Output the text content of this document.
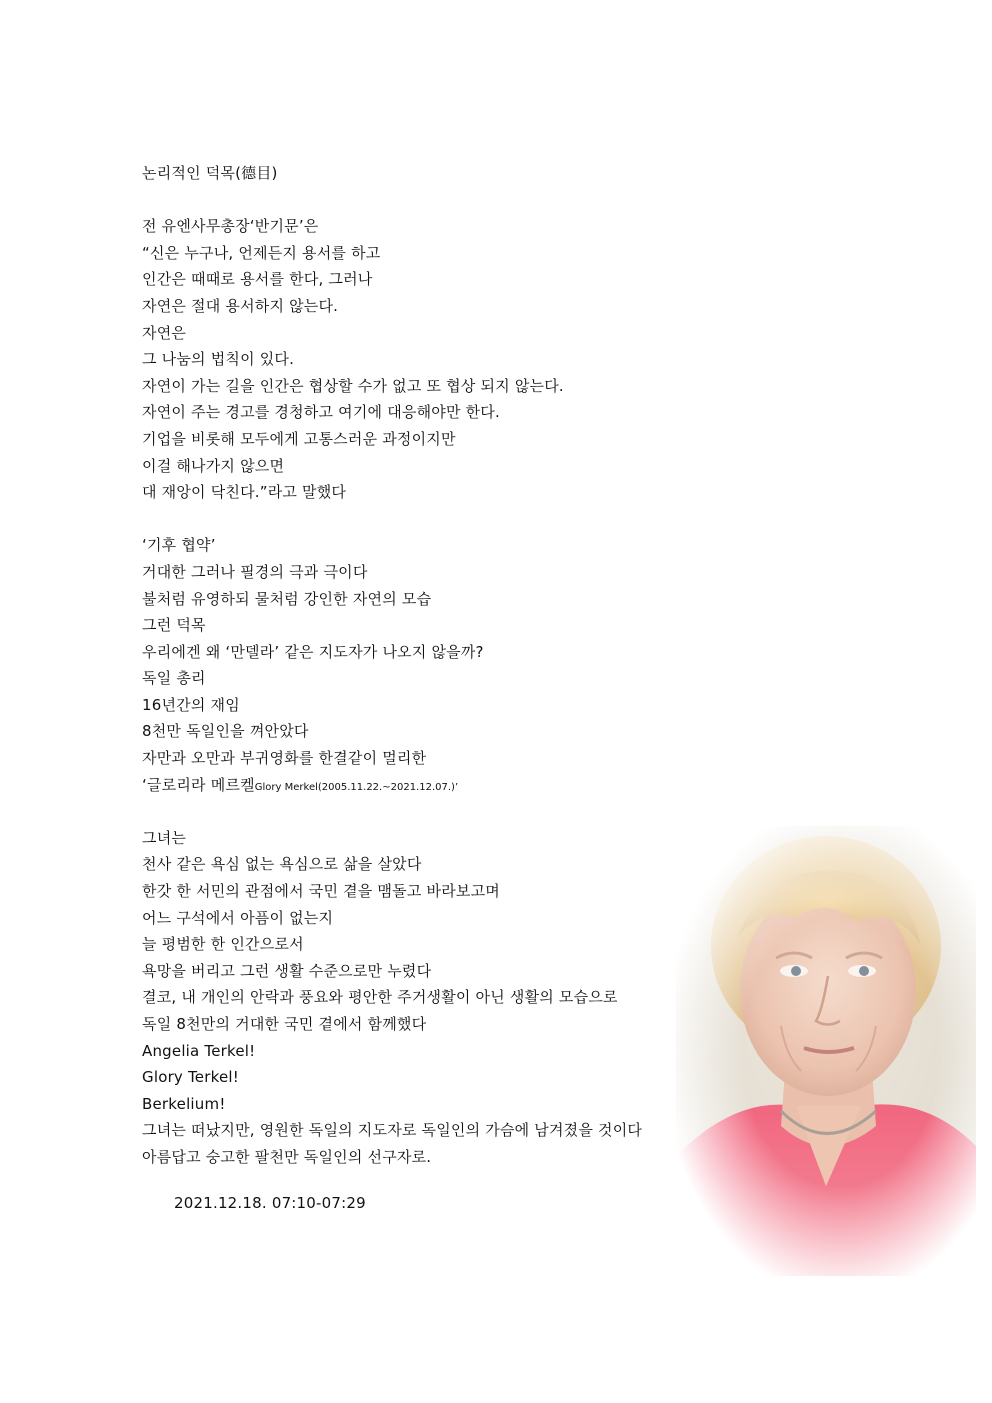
논리적인 덕목(德目)
전 유엔사무총장‘반기문’은
“신은 누구나, 언제든지 용서를 하고
인간은 때때로 용서를 한다, 그러나
자연은 절대 용서하지 않는다.
자연은
그 나눔의 법칙이 있다.
자연이 가는 길을 인간은 협상할 수가 없고 또 협상 되지 않는다.
자연이 주는 경고를 경청하고 여기에 대응해야만 한다.
기업을 비롯해 모두에게 고통스러운 과정이지만
이걸 해나가지 않으면
대 재앙이 닥친다.”라고 말했다
‘기후 협약’
거대한 그러나 필경의 극과 극이다
불처럼 유영하되 물처럼 강인한 자연의 모습
그런 덕목
우리에겐 왜 ‘만델라’ 같은 지도자가 나오지 않을까?
독일 총리
16년간의 재임
8천만 독일인을 껴안았다
자만과 오만과 부귀영화를 한결같이 멀리한
‘글로리라 메르켈Glory Merkel(2005.11.22.~2021.12.07.)’
그녀는
천사 같은 욕심 없는 욕심으로 삶을 살았다
한갓 한 서민의 관점에서 국민 곁을 맴돌고 바라보고며
어느 구석에서 아픔이 없는지
늘 평범한 한 인간으로서
욕망을 버리고 그런 생활 수준으로만 누렸다
결코, 내 개인의 안락과 풍요와 평안한 주거생활이 아닌 생활의 모습으로
독일 8천만의 거대한 국민 곁에서 함께했다
Angelia Terkel!
Glory Terkel!
Berkelium!
그녀는 떠났지만, 영원한 독일의 지도자로 독일인의 가슴에 남겨졌을 것이다
아름답고 숭고한 팔천만 독일인의 선구자로.
2021.12.18. 07:10-07:29
